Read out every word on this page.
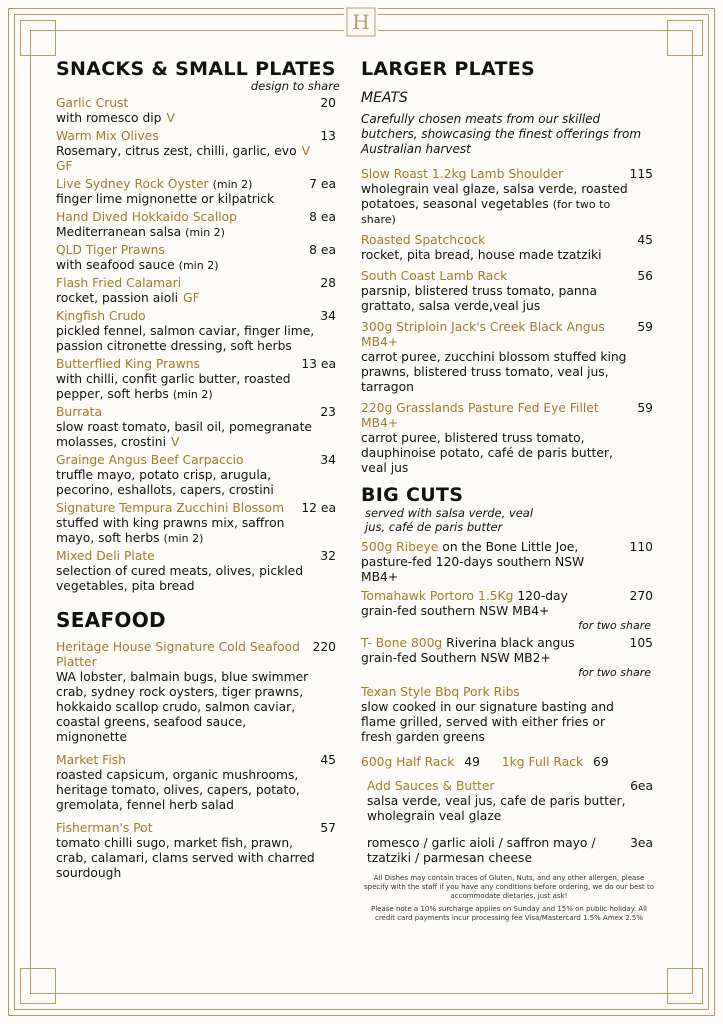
H
SNACKS & SMALL PLATES
design to share
Garlic Crust	20
with romesco dip V
Warm Mix Olives	13
Rosemary, citrus zest, chilli, garlic, evo V GF
Live Sydney Rock Oyster (min 2)	7 ea
finger lime mignonette or kilpatrick
Hand Dived Hokkaido Scallop	8 ea
Mediterranean salsa (min 2)
QLD Tiger Prawns	8 ea
with seafood sauce (min 2)
Flash Fried Calamari	28
rocket, passion aioli GF
Kingfish Crudo	34
pickled fennel, salmon caviar, finger lime, passion citronette dressing, soft herbs
Butterflied King Prawns	13 ea
with chilli, confit garlic butter, roasted pepper, soft herbs (min 2)
Burrata	23
slow roast tomato, basil oil, pomegranate molasses, crostini V
Grainge Angus Beef Carpaccio	34
truffle mayo, potato crisp, arugula, pecorino, eshallots, capers, crostini
Signature Tempura Zucchini Blossom	12 ea
stuffed with king prawns mix, saffron mayo, soft herbs (min 2)
Mixed Deli Plate	32
selection of cured meats, olives, pickled vegetables, pita bread
SEAFOOD
Heritage House Signature Cold Seafood Platter
220
WA lobster, balmain bugs, blue swimmer crab, sydney rock oysters, tiger prawns, hokkaido scallop crudo, salmon caviar, coastal greens, seafood sauce, mignonette
Market Fish	45
roasted capsicum, organic mushrooms, heritage tomato, olives, capers, potato, gremolata, fennel herb salad
Fisherman's Pot	57
tomato chilli sugo, market fish, prawn, crab, calamari, clams served with charred sourdough
LARGER PLATES
MEATS
Carefully chosen meats from our skilled butchers, showcasing the finest offerings from Australian harvest
Slow Roast 1.2kg Lamb Shoulder	115
wholegrain veal glaze, salsa verde, roasted potatoes, seasonal vegetables (for two to share)
Roasted Spatchcock	45
rocket, pita bread, house made tzatziki
South Coast Lamb Rack	56
parsnip, blistered truss tomato, panna grattato, salsa verde,veal jus
300g Striploin Jack's Creek Black Angus MB4+
59
carrot puree, zucchini blossom stuffed king prawns, blistered truss tomato, veal jus, tarragon
220g Grasslands Pasture Fed Eye Fillet MB4+
59
carrot puree, blistered truss tomato, dauphinoise potato, café de paris butter, veal jus
BIG CUTS served with salsa verde, veal jus, café de paris butter
500g Ribeye on the Bone Little Joe, pasture-fed 120-days southern NSW MB4+
110
Tomahawk Portoro 1.5Kg 120-day grain-fed southern NSW MB4+
270
for two share
T- Bone 800g Riverina black angus grain-fed Southern NSW MB2+
105
for two share
Texan Style Bbq Pork Ribs
slow cooked in our signature basting and flame grilled, served with either fries or fresh garden greens
600g Half Rack 49 1kg Full Rack 69
Add Sauces & Butter	6ea
salsa verde, veal jus, cafe de paris butter, wholegrain veal glaze
romesco / garlic aioli / saffron mayo / tzatziki / parmesan cheese
3ea
All Dishes may contain traces of Gluten, Nuts, and any other allergen, please specify with the staff if you have any conditions before ordering, we do our best to accommodate dietaries, just ask!
Please note a 10% surcharge applies on Sunday and 15% on public holiday. All credit card payments incur processing fee Visa/Mastercard 1.5% Amex 2.5%
